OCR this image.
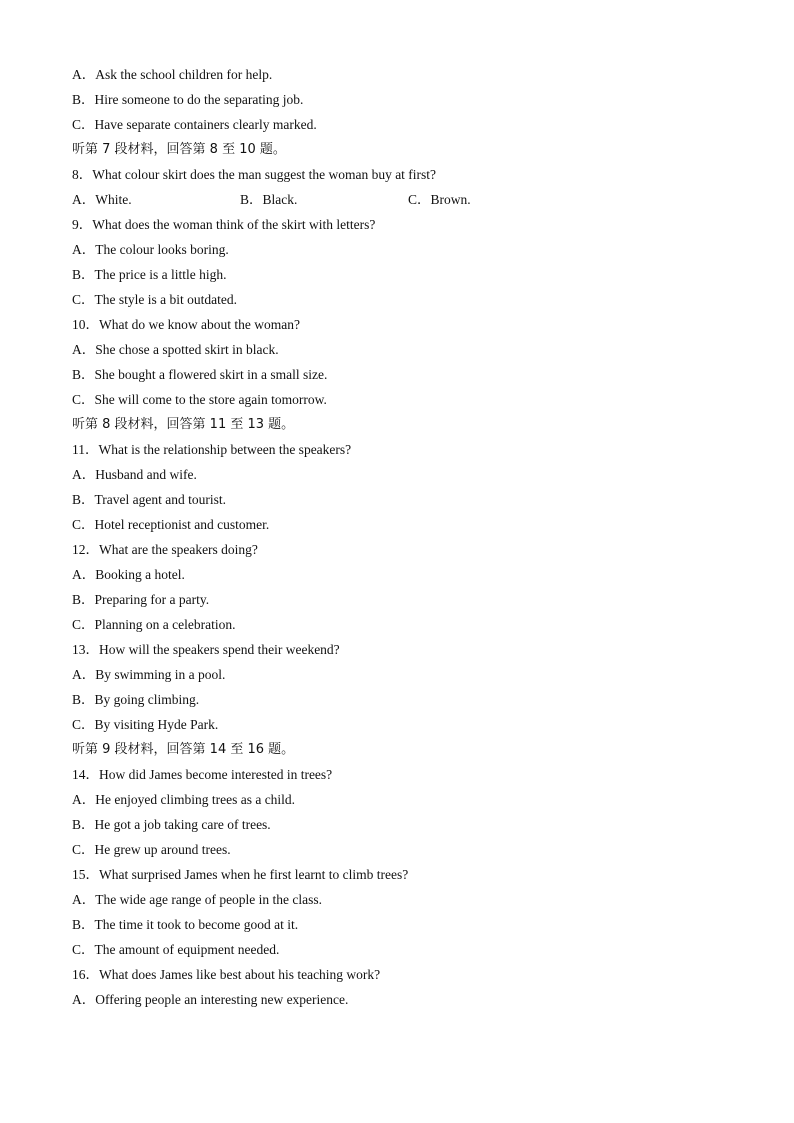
A．Ask the school children for help.
B．Hire someone to do the separating job.
C．Have separate containers clearly marked.
听第 7 段材料，回答第 8 至 10 题。
8．What colour skirt does the man suggest the woman buy at first?
A．White.	B．Black.	C．Brown.
9．What does the woman think of the skirt with letters?
A．The colour looks boring.
B．The price is a little high.
C．The style is a bit outdated.
10．What do we know about the woman?
A．She chose a spotted skirt in black.
B．She bought a flowered skirt in a small size.
C．She will come to the store again tomorrow.
听第 8 段材料，回答第 11 至 13 题。
11．What is the relationship between the speakers?
A．Husband and wife.
B．Travel agent and tourist.
C．Hotel receptionist and customer.
12．What are the speakers doing?
A．Booking a hotel.
B．Preparing for a party.
C．Planning on a celebration.
13．How will the speakers spend their weekend?
A．By swimming in a pool.
B．By going climbing.
C．By visiting Hyde Park.
听第 9 段材料，回答第 14 至 16 题。
14．How did James become interested in trees?
A．He enjoyed climbing trees as a child.
B．He got a job taking care of trees.
C．He grew up around trees.
15．What surprised James when he first learnt to climb trees?
A．The wide age range of people in the class.
B．The time it took to become good at it.
C．The amount of equipment needed.
16．What does James like best about his teaching work?
A．Offering people an interesting new experience.
